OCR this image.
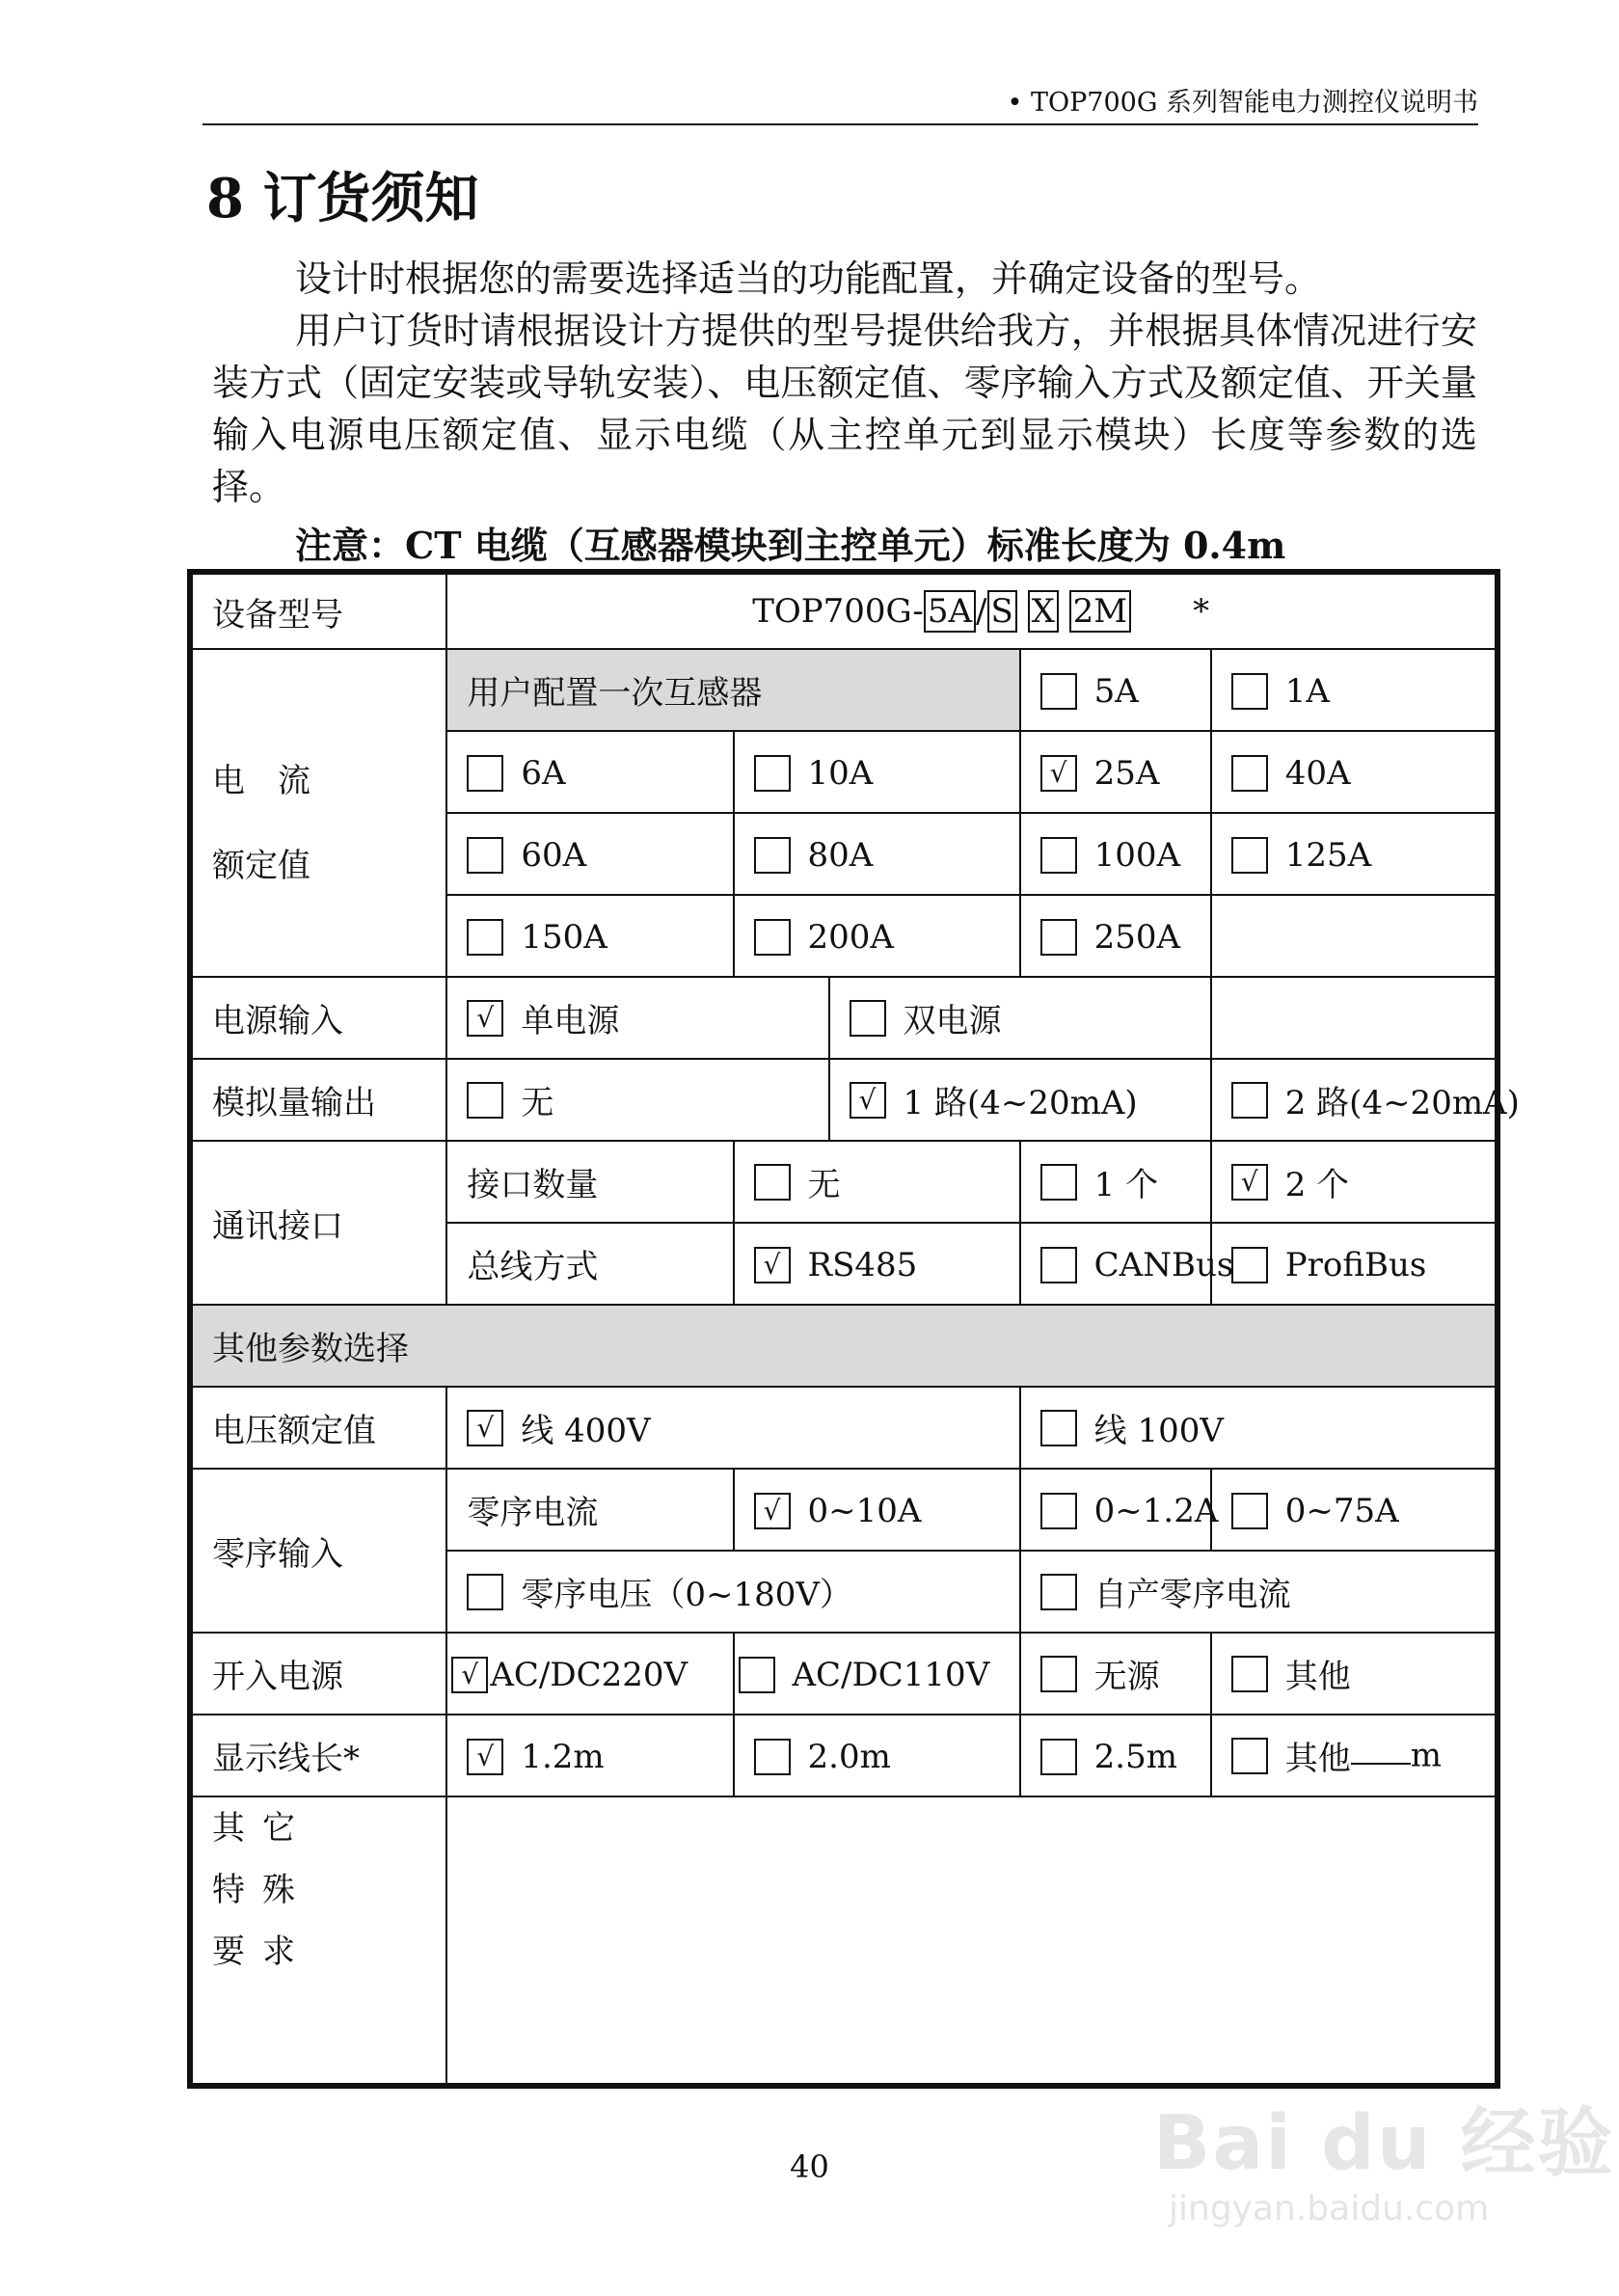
• TOP700G 系列智能电力测控仪说明书
8 订货须知
设计时根据您的需要选择适当的功能配置，并确定设备的型号。
用户订货时请根据设计方提供的型号提供给我方，并根据具体情况进行安装方式（固定安装或导轨安装）、电压额定值、零序输入方式及额定值、开关量输入电源电压额定值、显示电缆（从主控单元到显示模块）长度等参数的选择。
注意：CT 电缆（互感器模块到主控单元）标准长度为 0.4m
设备型号	TOP700G- 5A / S X 2M *				

电　流
额定值	用户配置一次互感器			5A	1A
	6A	10A		√ 25A	40A
	60A	80A		100A	125A
	150A	200A		250A	
电源输入	√ 单电源		双电源		
模拟量输出	无		√ 1 路(4~20mA)		2 路(4~20mA)
通讯接口	接口数量	无		1 个	√ 2 个
	总线方式	√ RS485		CANBus	ProfiBus
其他参数选择					
电压额定值	√ 线 400V			线 100V	
零序输入	零序电流	√ 0~10A		0~1.2A	0~75A
	零序电压（0~180V）			自产零序电流	
开入电源	√ AC/DC220V	AC/DC110V		无源	其他
显示线长*	√ 1.2m	2.0m		2.5m	其他 m

其它
特殊
要求					

40	Bai du 经验
jingyan.baidu.com
